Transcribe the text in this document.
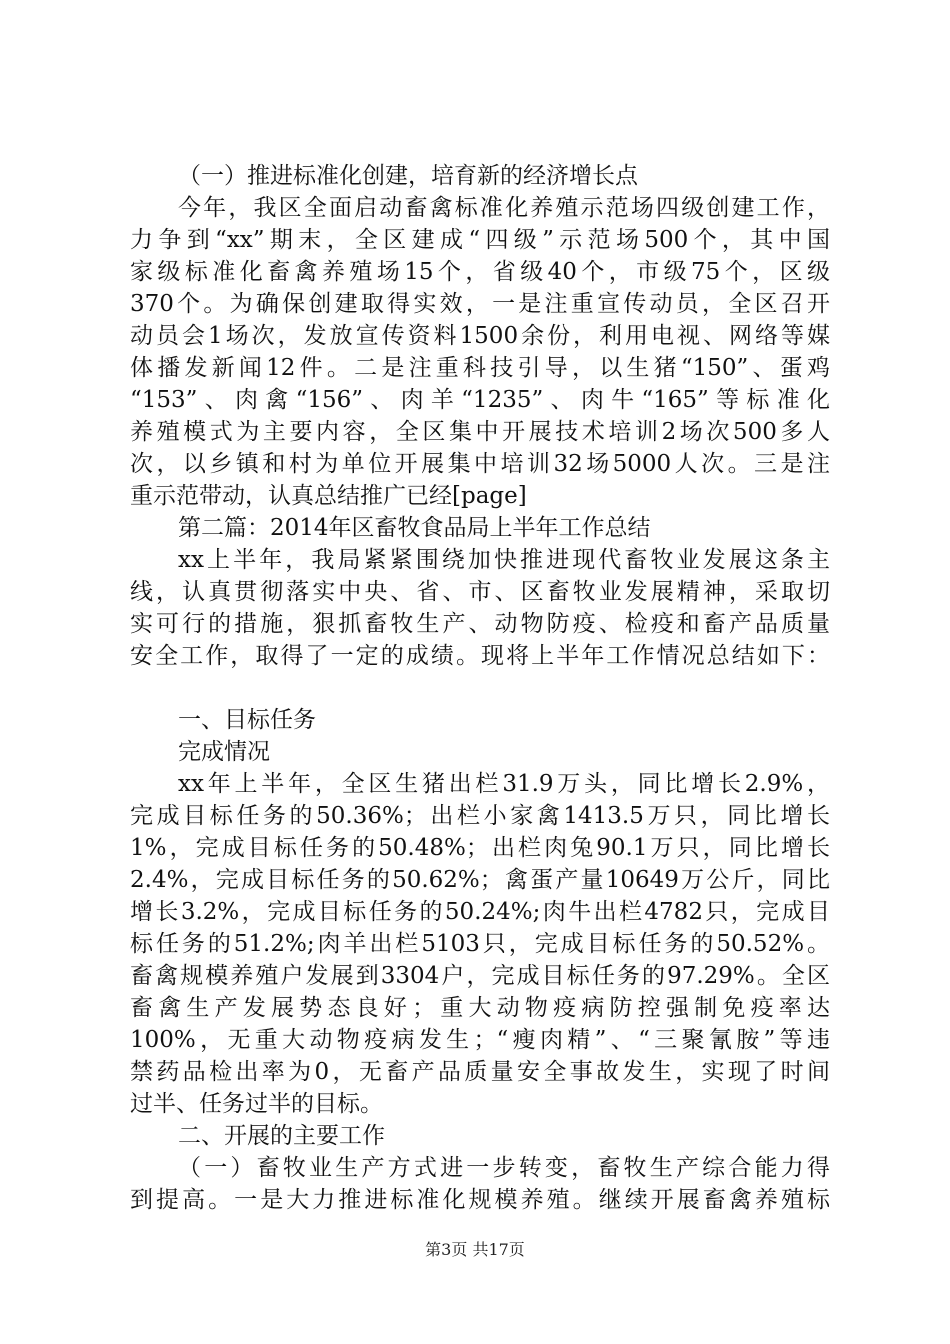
（一）推进标准化创建，培育新的经济增长点
今年，我区全面启动畜禽标准化养殖示范场四级创建工作，
力争到“xx”期末，全区建成“四级”示范场500个，其中国
家级标准化畜禽养殖场15个，省级40个，市级75个，区级
370个。为确保创建取得实效，一是注重宣传动员，全区召开
动员会1场次，发放宣传资料1500余份，利用电视、网络等媒
体播发新闻12件。二是注重科技引导，以生猪“150”、蛋鸡
“153”、肉禽“156”、肉羊“1235”、肉牛“165”等标准化
养殖模式为主要内容，全区集中开展技术培训2场次500多人
次，以乡镇和村为单位开展集中培训32场5000人次。三是注
重示范带动，认真总结推广已经[page]
第二篇：2014年区畜牧食品局上半年工作总结
xx上半年，我局紧紧围绕加快推进现代畜牧业发展这条主
线，认真贯彻落实中央、省、市、区畜牧业发展精神，采取切
实可行的措施，狠抓畜牧生产、动物防疫、检疫和畜产品质量
安全工作，取得了一定的成绩。现将上半年工作情况总结如下：
一、目标任务
完成情况
xx年上半年，全区生猪出栏31.9万头，同比增长2.9%，
完成目标任务的50.36%；出栏小家禽1413.5万只，同比增长
1%，完成目标任务的50.48%；出栏肉兔90.1万只，同比增长
2.4%，完成目标任务的50.62%；禽蛋产量10649万公斤，同比
增长3.2%，完成目标任务的50.24%;肉牛出栏4782只，完成目
标任务的51.2%;肉羊出栏5103只，完成目标任务的50.52%。
畜禽规模养殖户发展到3304户，完成目标任务的97.29%。全区
畜禽生产发展势态良好；重大动物疫病防控强制免疫率达
100%，无重大动物疫病发生；“瘦肉精”、“三聚氰胺”等违
禁药品检出率为0，无畜产品质量安全事故发生，实现了时间
过半、任务过半的目标。
二、开展的主要工作
（一）畜牧业生产方式进一步转变，畜牧生产综合能力得
到提高。一是大力推进标准化规模养殖。继续开展畜禽养殖标
第3页 共17页
